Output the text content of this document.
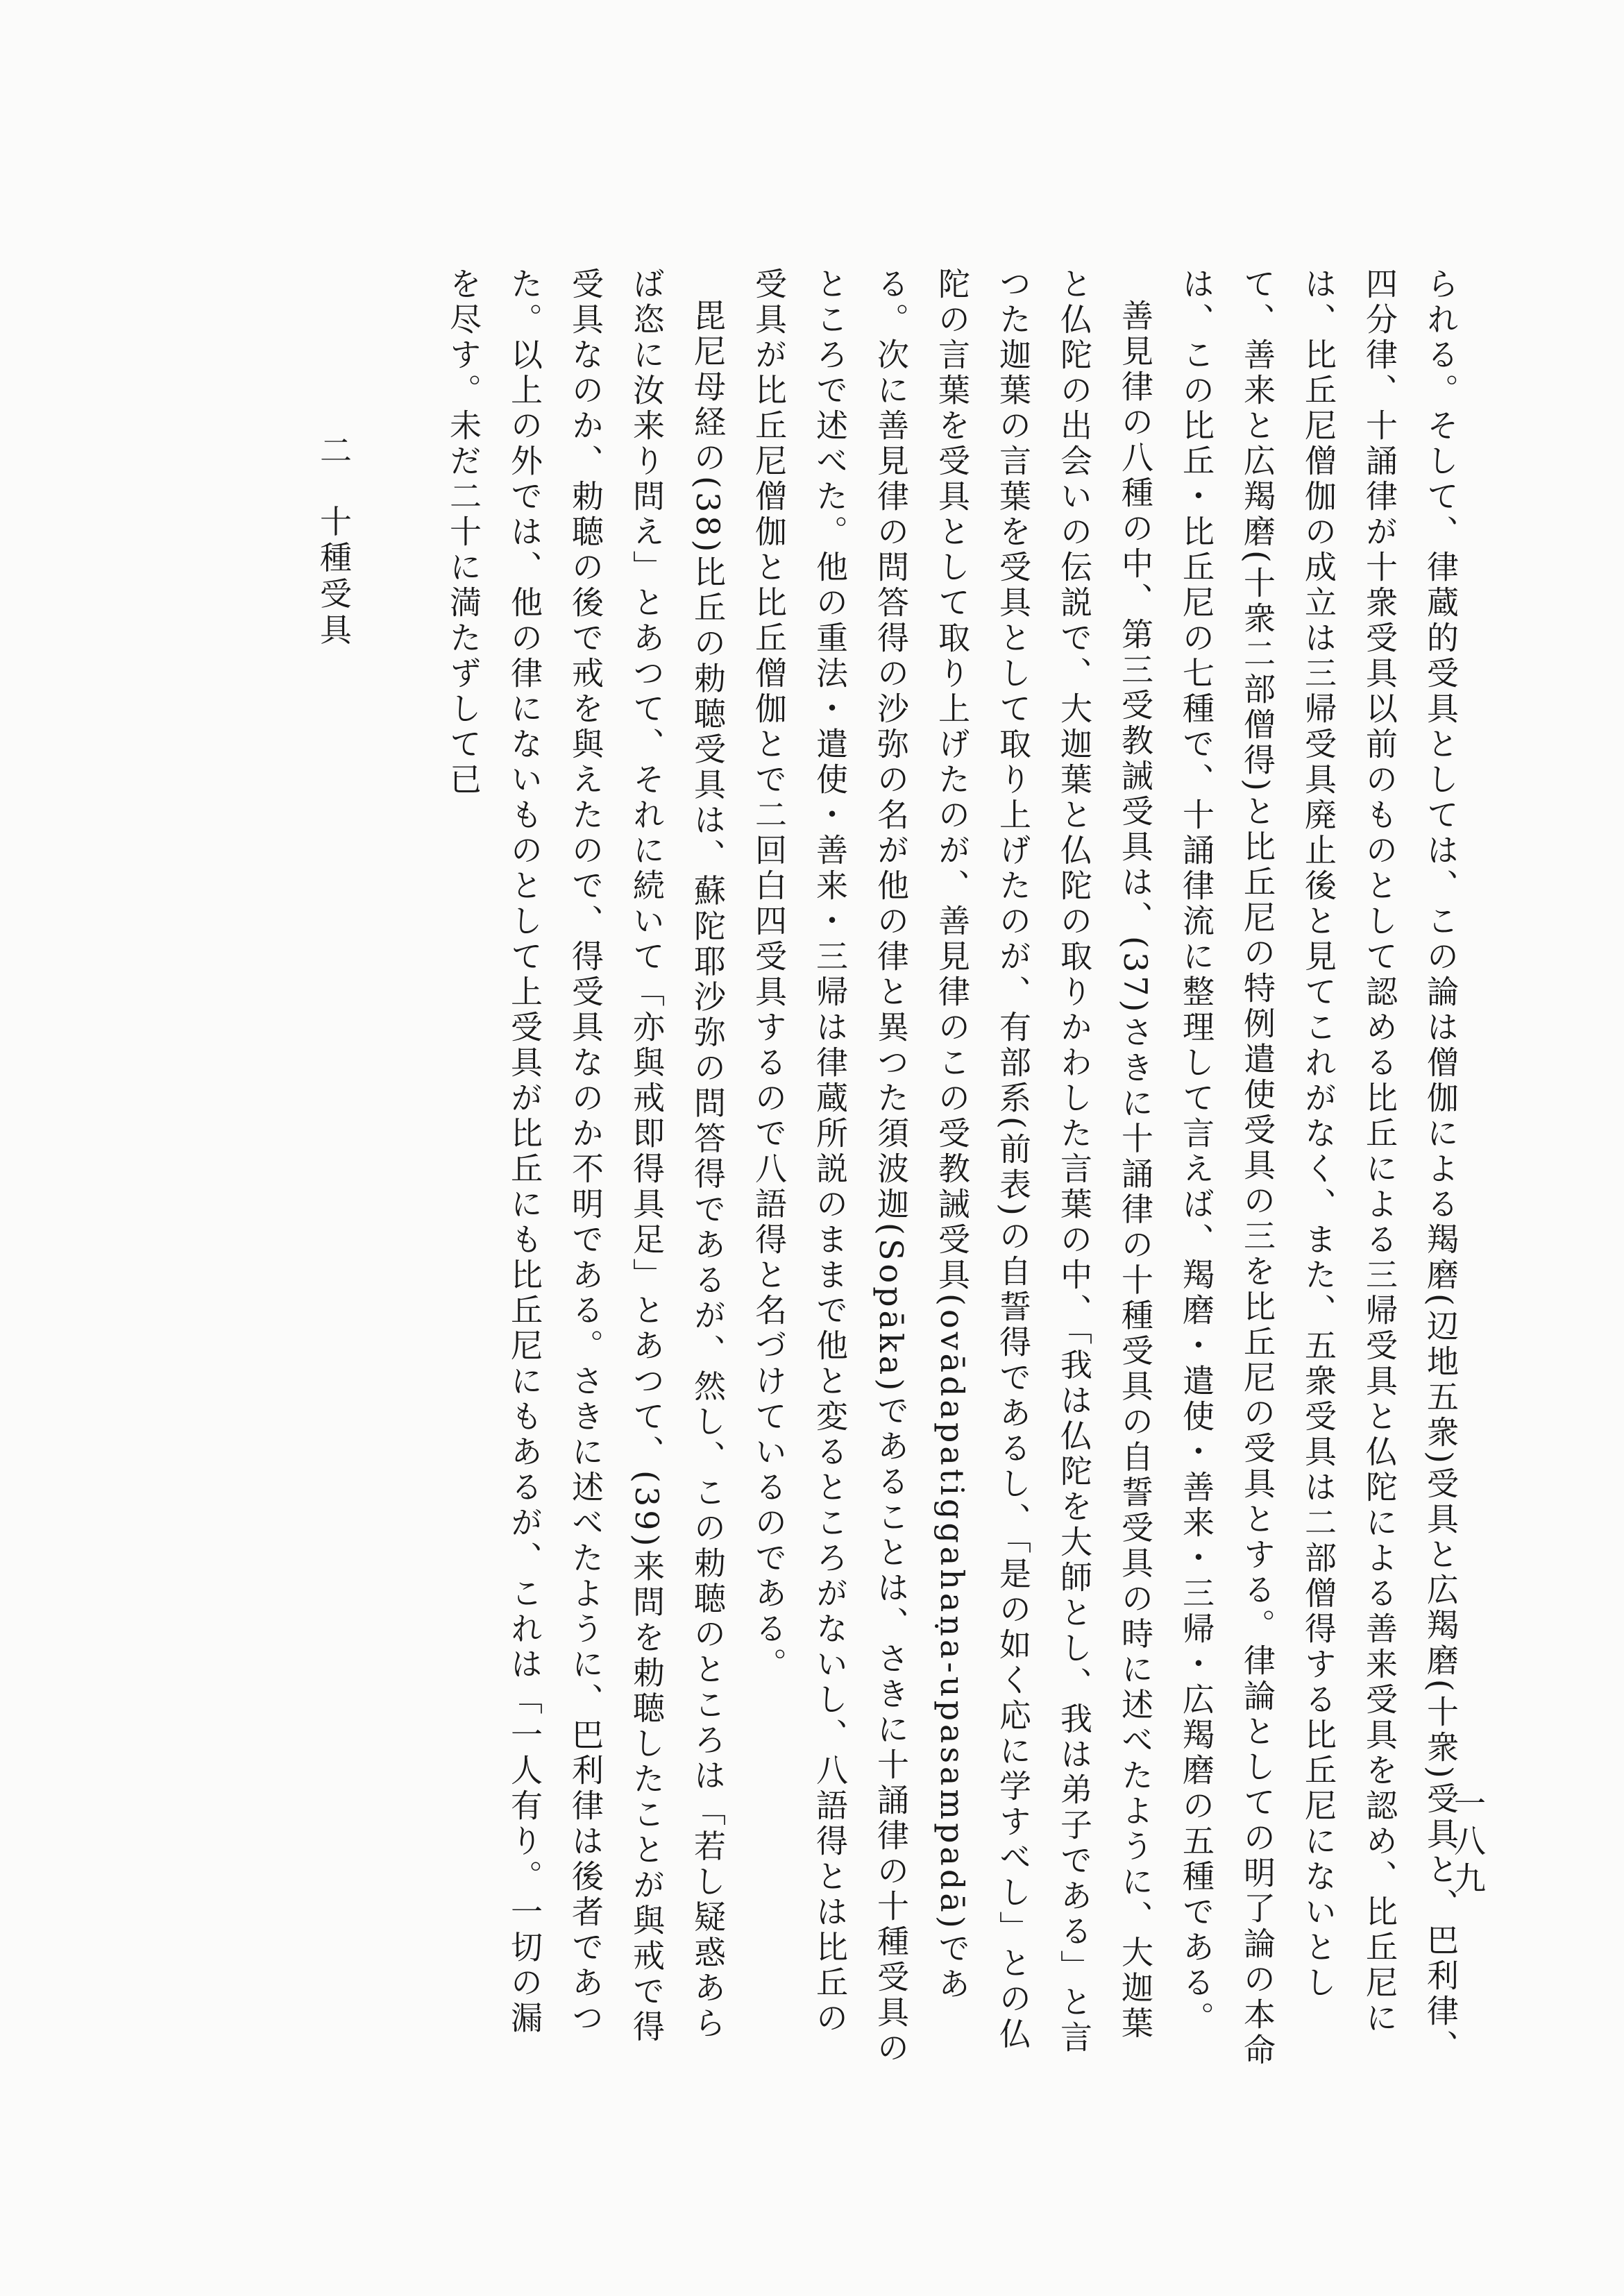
られる。そして、律蔵的受具としては、この論は僧伽による羯磨(辺地五衆)受具と広羯磨(十衆)受具と、巴利律、四分律、十誦律が十衆受具以前のものとして認める比丘による三帰受具と仏陀による善来受具を認め、比丘尼には、比丘尼僧伽の成立は三帰受具廃止後と見てこれがなく、また、五衆受具は二部僧得する比丘尼にないとして、善来と広羯磨(十衆二部僧得)と比丘尼の特例遣使受具の三を比丘尼の受具とする。律論としての明了論の本命は、この比丘・比丘尼の七種で、十誦律流に整理して言えば、羯磨・遣使・善来・三帰・広羯磨の五種である。

善見律の八種の中、第三受教誡受具は、(37)さきに十誦律の十種受具の自誓受具の時に述べたように、大迦葉と仏陀の出会いの伝説で、大迦葉と仏陀の取りかわした言葉の中、「我は仏陀を大師とし、我は弟子である」と言つた迦葉の言葉を受具として取り上げたのが、有部系(前表)の自誓得であるし、「是の如く応に学すべし」との仏陀の言葉を受具として取り上げたのが、善見律のこの受教誡受具(ovādapatiggahaṇa-upasampadā)である。次に善見律の問答得の沙弥の名が他の律と異つた須波迦(Sopāka)であることは、さきに十誦律の十種受具のところで述べた。他の重法・遣使・善来・三帰は律蔵所説のままで他と変るところがないし、八語得とは比丘の受具が比丘尼僧伽と比丘僧伽とで二回白四受具するので八語得と名づけているのである。

毘尼母経の(38)比丘の勅聴受具は、蘇陀耶沙弥の問答得であるが、然し、この勅聴のところは「若し疑惑あらば恣に汝来り問え」とあつて、それに続いて「亦與戒即得具足」とあつて、(39)来問を勅聴したことが與戒で得受具なのか、勅聴の後で戒を與えたので、得受具なのか不明である。さきに述べたように、巴利律は後者であつた。以上の外では、他の律にないものとして上受具が比丘にも比丘尼にもあるが、これは「一人有り。一切の漏を尽す。未だ二十に満たずして已

二 十種受具
一八九
